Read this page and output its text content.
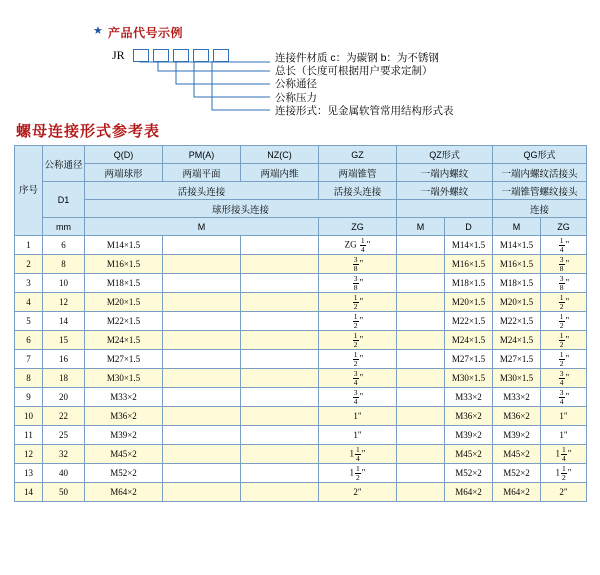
★ 产品代号示例
JR	连接件材质 c：为碳钢 b：为不锈钢
总长（长度可根据用户要求定制）
公称通径
公称压力
连接形式：见金属软管常用结构形式表
螺母连接形式参考表
序号	公称通径	Q(D)	PM(A)	NZ(C)	GZ	QZ形式		QG形式	
		两端球形	两端平面	两端内维	两端锥管	一端内螺纹		一端内螺纹活接头	
	D1	活接头连接			活接头连接	一端外螺纹		一端锥管螺纹接头	
		球形接头连接						连接	
	mm	M			ZG	M	D	M	ZG
1	6	M14×1.5			ZG $\frac{1}{4}$ "		M14×1.5	M14×1.5	$\frac{1}{4}$ "
2	8	M16×1.5			$\frac{3}{8}$ "		M16×1.5	M16×1.5	$\frac{3}{8}$ "
3	10	M18×1.5			$\frac{3}{8}$ "		M18×1.5	M18×1.5	$\frac{3}{8}$ "
4	12	M20×1.5			$\frac{1}{2}$ "		M20×1.5	M20×1.5	$\frac{1}{2}$ "
5	14	M22×1.5			$\frac{1}{2}$ "		M22×1.5	M22×1.5	$\frac{1}{2}$ "
6	15	M24×1.5			$\frac{1}{2}$ "		M24×1.5	M24×1.5	$\frac{1}{2}$ "
7	16	M27×1.5			$\frac{1}{2}$ "		M27×1.5	M27×1.5	$\frac{1}{2}$ "
8	18	M30×1.5			$\frac{3}{4}$ "		M30×1.5	M30×1.5	$\frac{3}{4}$ "
9	20	M33×2			$\frac{3}{4}$ "		M33×2	M33×2	$\frac{3}{4}$ "
10	22	M36×2			1"		M36×2	M36×2	1"
11	25	M39×2			1"		M39×2	M39×2	1"
12	32	M45×2			$1 \frac{1}{4}$ "		M45×2	M45×2	$1 \frac{1}{4}$ "
13	40	M52×2			$1 \frac{1}{2}$ "		M52×2	M52×2	$1 \frac{1}{2}$ "
14	50	M64×2			2"		M64×2	M64×2	2"
